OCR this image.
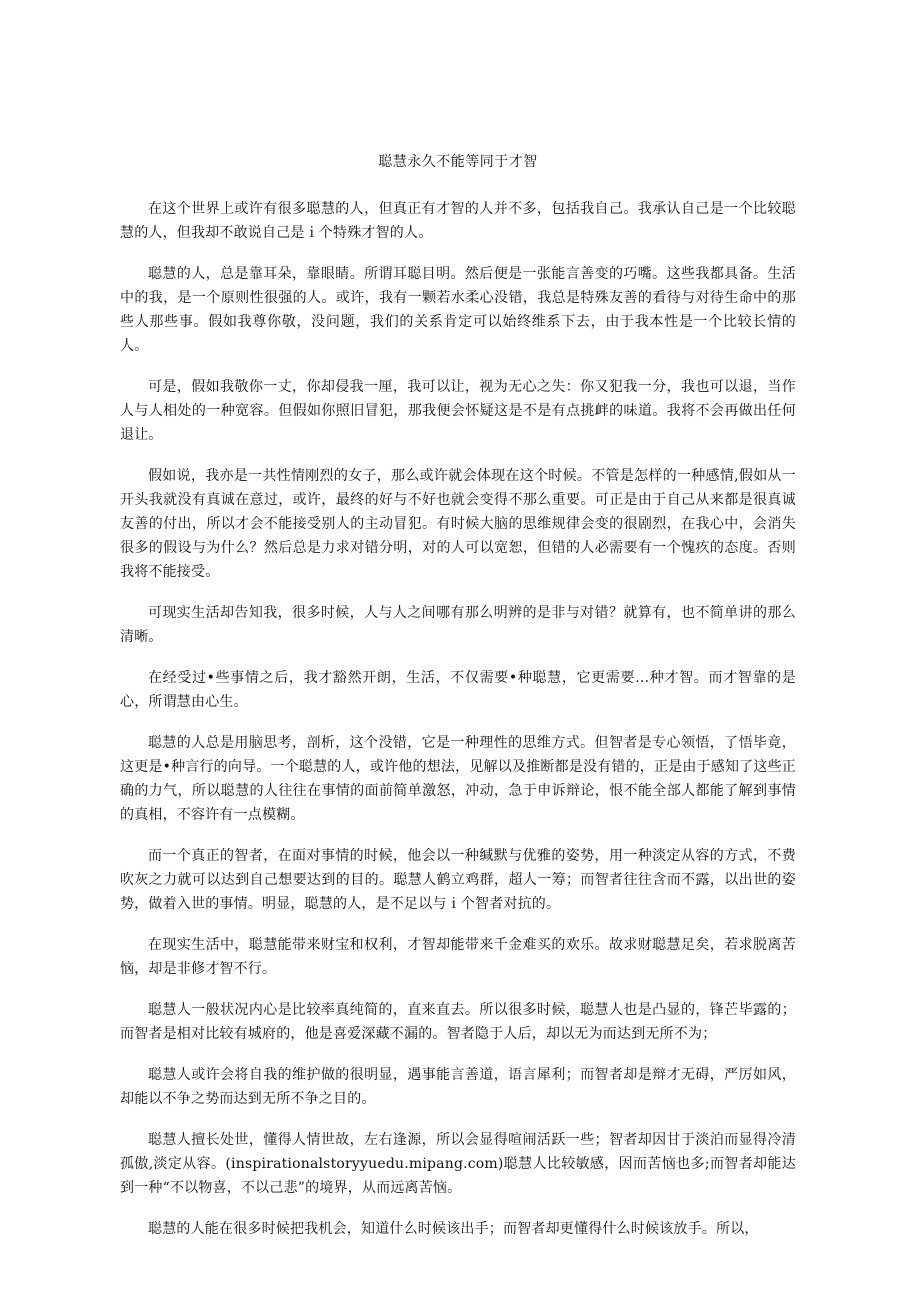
聪慧永久不能等同于才智

在这个世界上或许有很多聪慧的人，但真正有才智的人并不多，包括我自己。我承认自己是一个比较聪慧的人，但我却不敢说自己是ｉ个特殊才智的人。

聪慧的人，总是靠耳朵，靠眼睛。所谓耳聪目明。然后便是一张能言善变的巧嘴。这些我都具备。生活中的我，是一个原则性很强的人。或许，我有一颗若水柔心没错，我总是特殊友善的看待与对待生命中的那些人那些事。假如我尊你敬，没问题，我们的关系肯定可以始终维系下去，由于我本性是一个比较长情的人。

可是，假如我敬你一丈，你却侵我一厘，我可以让，视为无心之失：你又犯我一分，我也可以退，当作人与人相处的一种宽容。但假如你照旧冒犯，那我便会怀疑这是不是有点挑衅的味道。我将不会再做出任何退让。

假如说，我亦是一共性情刚烈的女子，那么或许就会体现在这个时候。不管是怎样的一种感情,假如从一开头我就没有真诚在意过，或许，最终的好与不好也就会变得不那么重要。可正是由于自己从来都是很真诚友善的付出，所以才会不能接受别人的主动冒犯。有时候大脑的思维规律会变的很剧烈，在我心中，会消失很多的假设与为什么？然后总是力求对错分明，对的人可以宽恕，但错的人必需要有一个愧疚的态度。否则我将不能接受。

可现实生活却告知我，很多时候，人与人之间哪有那么明辨的是非与对错？就算有，也不简单讲的那么清晰。

在经受过•些事情之后，我才豁然开朗，生活，不仅需要•种聪慧，它更需要…种才智。而才智靠的是心，所谓慧由心生。

聪慧的人总是用脑思考，剖析，这个没错，它是一种理性的思维方式。但智者是专心领悟，了悟毕竟，这更是•种言行的向导。一个聪慧的人，或许他的想法，见解以及推断都是没有错的，正是由于感知了这些正确的力气，所以聪慧的人往往在事情的面前简单激怒，冲动，急于申诉辩论，恨不能全部人都能了解到事情的真相，不容许有一点模糊。

而一个真正的智者，在面对事情的时候，他会以一种缄默与优雅的姿势，用一种淡定从容的方式，不费吹灰之力就可以达到自己想要达到的目的。聪慧人鹤立鸡群，超人一筹；而智者往往含而不露，以出世的姿势，做着入世的事情。明显，聪慧的人，是不足以与ｉ个智者对抗的。

在现实生活中，聪慧能带来财宝和权利，才智却能带来千金难买的欢乐。故求财聪慧足矣，若求脱离苦恼，却是非修才智不行。

聪慧人一般状况内心是比较率真纯简的，直来直去。所以很多时候，聪慧人也是凸显的，锋芒毕露的；而智者是相对比较有城府的，他是喜爱深藏不漏的。智者隐于人后，却以无为而达到无所不为；

聪慧人或许会将自我的维护做的很明显，遇事能言善道，语言犀利；而智者却是辩才无碍，严厉如风，却能以不争之势而达到无所不争之目的。

聪慧人擅长处世，懂得人情世故，左右逢源，所以会显得喧闹活跃一些；智者却因甘于淡泊而显得冷清孤傲,淡定从容。(inspirationalstoryyuedu.mipang.com)聪慧人比较敏感，因而苦恼也多;而智者却能达到一种“不以物喜，不以己悲”的境界，从而远离苦恼。

聪慧的人能在很多时候把我机会，知道什么时候该出手；而智者却更懂得什么时候该放手。所以，
